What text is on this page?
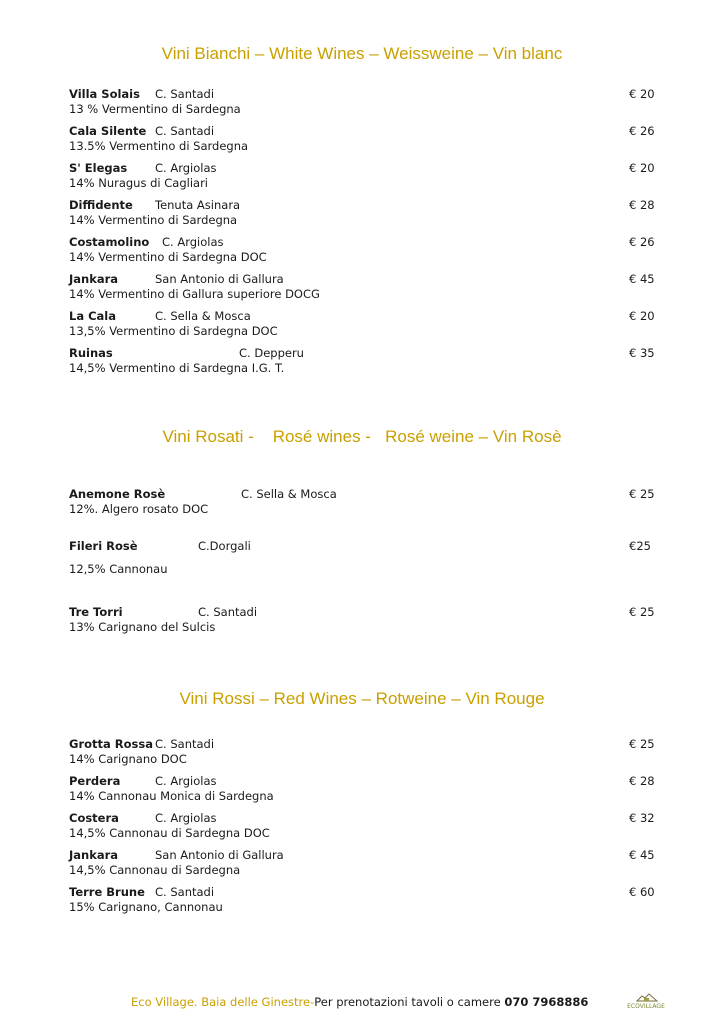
Vini Bianchi – White Wines – Weissweine – Vin blanc
Villa Solais C. Santadi	€ 20
13 % Vermentino di Sardegna
Cala Silente C. Santadi	€ 26
13.5% Vermentino di Sardegna
S' Elegas C. Argiolas	€ 20
14% Nuragus di Cagliari
Diffidente Tenuta Asinara	€ 28
14% Vermentino di Sardegna
Costamolino C. Argiolas	€ 26
14% Vermentino di Sardegna DOC
Jankara	San Antonio di Gallura	€ 45
14% Vermentino di Gallura superiore DOCG
La Cala	C. Sella & Mosca	€ 20
13,5% Vermentino di Sardegna DOC
Ruinas	C. Depperu	€ 35
14,5% Vermentino di Sardegna I.G. T.
Vini Rosati -    Rosé wines -   Rosé weine – Vin Rosè
Anemone Rosè	C. Sella & Mosca	€ 25
12%. Algero rosato DOC
Fileri Rosè	C.Dorgali	€25
12,5% Cannonau
Tre Torri	C. Santadi	€ 25
13% Carignano del Sulcis
Vini Rossi – Red Wines – Rotweine – Vin Rouge
Grotta Rossa C. Santadi	€ 25
14% Carignano DOC
Perdera	C. Argiolas	€ 28
14% Cannonau Monica di Sardegna
Costera	C. Argiolas	€ 32
14,5% Cannonau di Sardegna DOC
Jankara	San Antonio di Gallura	€ 45
14,5% Cannonau di Sardegna
Terre Brune C. Santadi	€ 60
15% Carignano, Cannonau
Eco Village. Baia delle Ginestre-Per prenotazioni tavoli o camere 070 7968886	ECOVILLAGE
